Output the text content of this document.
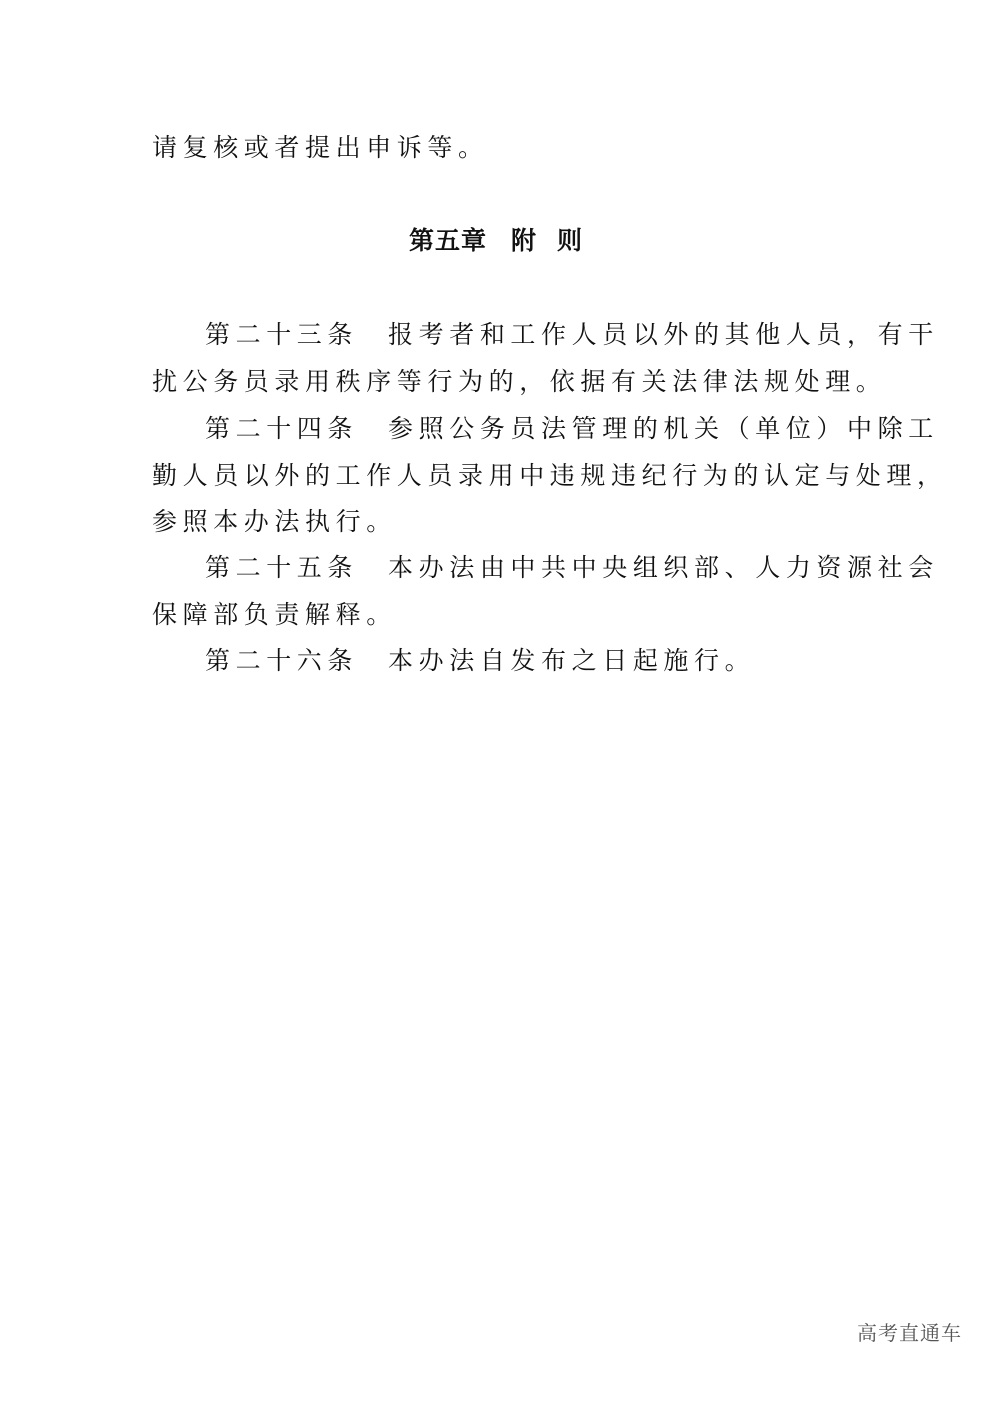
请复核或者提出申诉等。
第五章 附 则
第二十三条 报考者和工作人员以外的其他人员，有干
扰公务员录用秩序等行为的，依据有关法律法规处理。
第二十四条 参照公务员法管理的机关（单位）中除工
勤人员以外的工作人员录用中违规违纪行为的认定与处理，
参照本办法执行。
第二十五条 本办法由中共中央组织部、人力资源社会
保障部负责解释。
第二十六条 本办法自发布之日起施行。
高考直通车
